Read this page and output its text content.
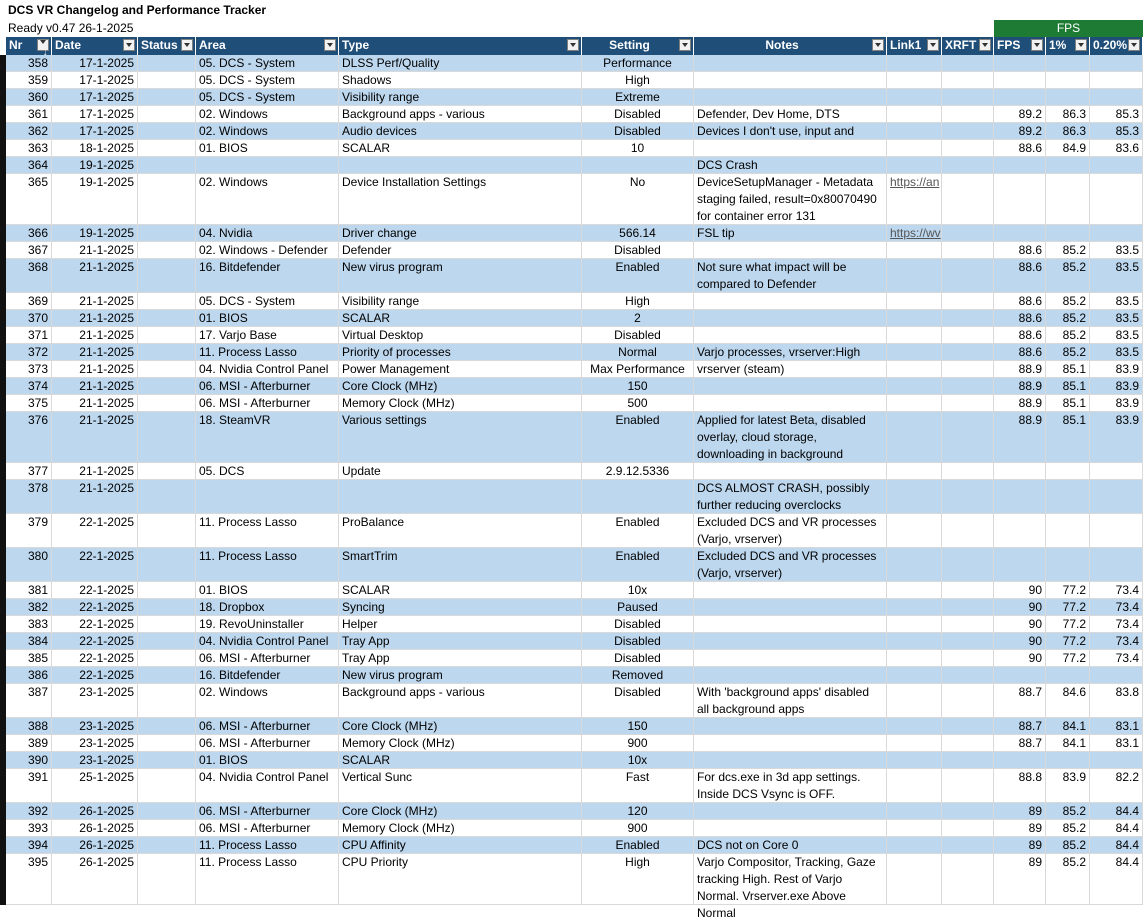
DCS VR Changelog and Performance Tracker
Ready v0.47 26-1-2025	FPS
Nr
↓	Date	Status Area	Type	Setting	Notes	Link1 XRFT FPS 1% 0.20%
358	17-1-2025	05. DCS - System	DLSS Perf/Quality	Performance
359	17-1-2025	05. DCS - System	Shadows	High
360	17-1-2025	05. DCS - System	Visibility range	Extreme
361	17-1-2025	02. Windows	Background apps - various	Disabled	Defender, Dev Home, DTS	89.2	86.3	85.3
362	17-1-2025	02. Windows	Audio devices	Disabled	Devices I don't use, input and	89.2	86.3	85.3
363	18-1-2025	01. BIOS	SCALAR	10	88.6	84.9	83.6
364	19-1-2025	DCS Crash
365	19-1-2025	02. Windows	Device Installation Settings	No	DeviceSetupManager - Metadata staging failed, result=0x80070490 for container error 131
https://an
366	19-1-2025	04. Nvidia	Driver change	566.14	FSL tip	https://wv
367	21-1-2025	02. Windows - Defender	Defender	Disabled	88.6	85.2	83.5
368	21-1-2025	16. Bitdefender	New virus program	Enabled	Not sure what impact will be compared to Defender
88.6	85.2	83.5
369	21-1-2025	05. DCS - System	Visibility range	High	88.6	85.2	83.5
370	21-1-2025	01. BIOS	SCALAR	2	88.6	85.2	83.5
371	21-1-2025	17. Varjo Base	Virtual Desktop	Disabled	88.6	85.2	83.5
372	21-1-2025	11. Process Lasso	Priority of processes	Normal	Varjo processes, vrserver:High	88.6	85.2	83.5
373	21-1-2025	04. Nvidia Control Panel	Power Management	Max Performance	vrserver (steam)	88.9	85.1	83.9
374	21-1-2025	06. MSI - Afterburner	Core Clock (MHz)	150	88.9	85.1	83.9
375	21-1-2025	06. MSI - Afterburner	Memory Clock (MHz)	500	88.9	85.1	83.9
376	21-1-2025	18. SteamVR	Various settings	Enabled	Applied for latest Beta, disabled overlay, cloud storage, downloading in background
88.9	85.1	83.9
377	21-1-2025	05. DCS	Update	2.9.12.5336
378	21-1-2025	DCS ALMOST CRASH, possibly further reducing overclocks
379	22-1-2025	11. Process Lasso	ProBalance	Enabled	Excluded DCS and VR processes (Varjo, vrserver)
380	22-1-2025	11. Process Lasso	SmartTrim	Enabled	Excluded DCS and VR processes (Varjo, vrserver)
381	22-1-2025	01. BIOS	SCALAR	10x	90	77.2	73.4
382	22-1-2025	18. Dropbox	Syncing	Paused	90	77.2	73.4
383	22-1-2025	19. RevoUninstaller	Helper	Disabled	90	77.2	73.4
384	22-1-2025	04. Nvidia Control Panel	Tray App	Disabled	90	77.2	73.4
385	22-1-2025	06. MSI - Afterburner	Tray App	Disabled	90	77.2	73.4
386	22-1-2025	16. Bitdefender	New virus program	Removed
387	23-1-2025	02. Windows	Background apps - various	Disabled	With 'background apps' disabled all background apps
88.7	84.6	83.8
388	23-1-2025	06. MSI - Afterburner	Core Clock (MHz)	150	88.7	84.1	83.1
389	23-1-2025	06. MSI - Afterburner	Memory Clock (MHz)	900	88.7	84.1	83.1
390	23-1-2025	01. BIOS	SCALAR	10x
391	25-1-2025	04. Nvidia Control Panel	Vertical Sunc	Fast	For dcs.exe in 3d app settings. Inside DCS Vsync is OFF.
88.8	83.9	82.2
392	26-1-2025	06. MSI - Afterburner	Core Clock (MHz)	120	89	85.2	84.4
393	26-1-2025	06. MSI - Afterburner	Memory Clock (MHz)	900	89	85.2	84.4
394	26-1-2025	11. Process Lasso	CPU Affinity	Enabled	DCS not on Core 0	89	85.2	84.4
395	26-1-2025	11. Process Lasso	CPU Priority	High	Varjo Compositor, Tracking, Gaze tracking High. Rest of Varjo Normal. Vrserver.exe Above Normal
89	85.2	84.4
